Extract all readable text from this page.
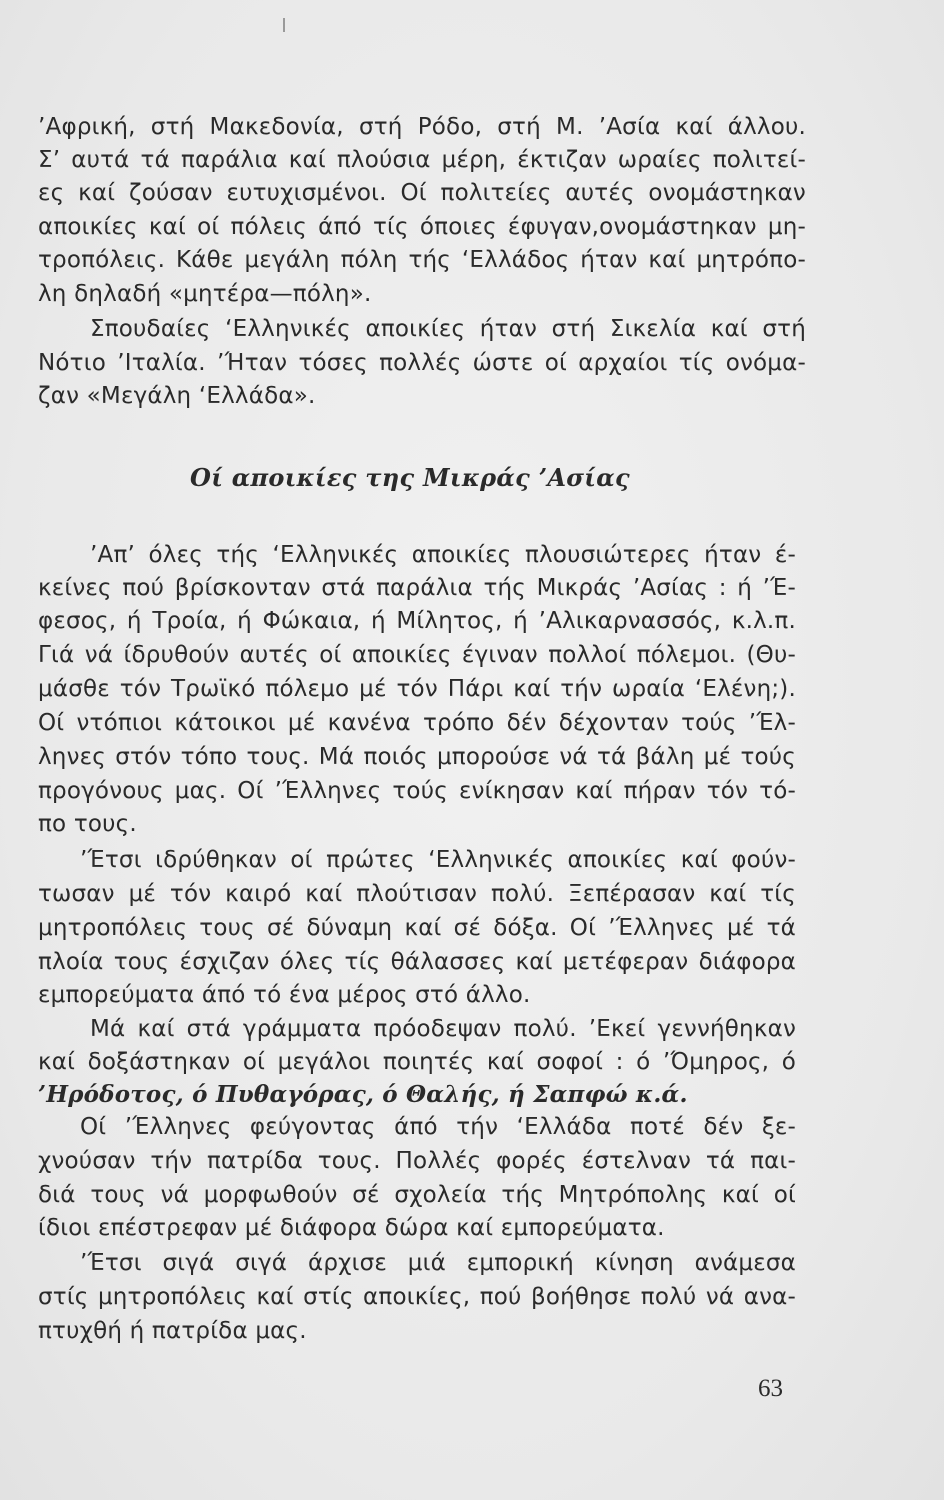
’Αφρική, στή Μακεδονία, στή Ρόδο, στή Μ. ’Ασία καί άλλου.
Σ’ αυτά τά παράλια καί πλούσια μέρη, έκτιζαν ωραίες πολιτεί-
ες καί ζούσαν ευτυχισμένοι. Οί πολιτείες αυτές ονομάστηκαν
αποικίες καί οί πόλεις άπό τίς όποιες έφυγαν,ονομάστηκαν μη-
τροπόλεις. Κάθε μεγάλη πόλη τής ‘Ελλάδος ήταν καί μητρόπο-
λη δηλαδή «μητέρα—πόλη».
Σπουδαίες ‘Ελληνικές αποικίες ήταν στή Σικελία καί στή
Νότιο ’Ιταλία. ’Ήταν τόσες πολλές ώστε οί αρχαίοι τίς ονόμα-
ζαν «Μεγάλη ‘Ελλάδα».
Οί αποικίες της Μικράς ’Ασίας
’Απ’ όλες τής ‘Ελληνικές αποικίες πλουσιώτερες ήταν έ-
κείνες πού βρίσκονταν στά παράλια τής Μικράς ’Ασίας : ή ’Έ-
φεσος, ή Τροία, ή Φώκαια, ή Μίλητος, ή ’Αλικαρνασσός, κ.λ.π.
Γιά νά ίδρυθούν αυτές οί αποικίες έγιναν πολλοί πόλεμοι. (Θυ-
μάσθε τόν Τρωϊκό πόλεμο μέ τόν Πάρι καί τήν ωραία ‘Ελένη;).
Οί ντόπιοι κάτοικοι μέ κανένα τρόπο δέν δέχονταν τούς ’Έλ-
ληνες στόν τόπο τους. Μά ποιός μπορούσε νά τά βάλη μέ τούς
προγόνους μας. Οί ’Έλληνες τούς ενίκησαν καί πήραν τόν τό-
πο τους.
’Έτσι ιδρύθηκαν οί πρώτες ‘Ελληνικές αποικίες καί φούν-
τωσαν μέ τόν καιρό καί πλούτισαν πολύ. Ξεπέρασαν καί τίς
μητροπόλεις τους σέ δύναμη καί σέ δόξα. Οί ’Έλληνες μέ τά
πλοία τους έσχιζαν όλες τίς θάλασσες καί μετέφεραν διάφορα
εμπορεύματα άπό τό ένα μέρος στό άλλο.
Μά καί στά γράμματα πρόοδεψαν πολύ. ’Εκεί γεννήθηκαν
καί δοξάστηκαν οί μεγάλοι ποιητές καί σοφοί : ό ’Όμηρος, ό
’Ηρόδοτος, ό Πυθαγόρας, ό Θαλής, ή Σαπφώ κ.ά.
Οί ’Έλληνες φεύγοντας άπό τήν ‘Ελλάδα ποτέ δέν ξε-
χνούσαν τήν πατρίδα τους. Πολλές φορές έστελναν τά παι-
διά τους νά μορφωθούν σέ σχολεία τής Μητρόπολης καί οί
ίδιοι επέστρεφαν μέ διάφορα δώρα καί εμπορεύματα.
’Έτσι σιγά σιγά άρχισε μιά εμπορική κίνηση ανάμεσα
στίς μητροπόλεις καί στίς αποικίες, πού βοήθησε πολύ νά ανα-
πτυχθή ή πατρίδα μας.
63
